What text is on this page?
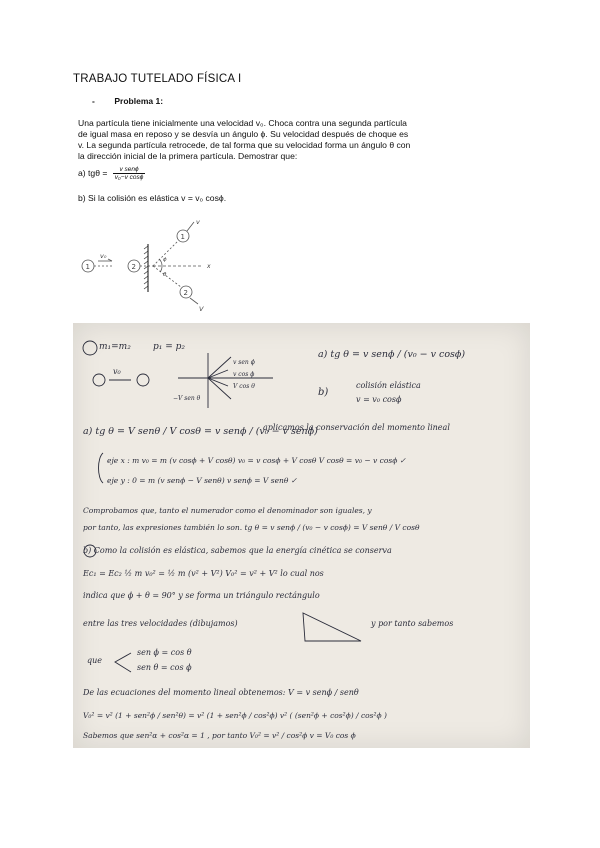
TRABAJO TUTELADO FÍSICA I
- Problema 1:

Una partícula tiene inicialmente una velocidad v₀. Choca contra una segunda partícula

de igual masa en reposo y se desvía un ángulo ϕ. Su velocidad después de choque es

v. La segunda partícula retrocede, de tal forma que su velocidad forma un ángulo θ con

la dirección inicial de la primera partícula. Demostrar que:

a) $tg\theta = \frac{\text{v senϕ}}{\text{v₀−v cosϕ}}$
b) Si la colisión es elástica v = v₀ cosϕ.
1	2
1
2
v₀
v
V
ϕ
θ
x
m₁=m₂ p₁ = p₂
v₀
v sen ϕ
v cos ϕ
V cos θ
−V sen θ
a) tg θ = v senϕ / (v₀ − v cosϕ)
b)
colisión elástica
v = v₀ cosϕ
a) tg θ = V senθ / V cosθ = v senϕ / (v₀ − v senϕ)
aplicamos la conservación del momento lineal
eje x : m v₀ = m (v cosϕ + V cosθ) v₀ = v cosϕ + V cosθ V cosθ = v₀ − v cosϕ ✓
eje y : 0 = m (v senϕ − V senθ) v senϕ = V senθ ✓
Comprobamos que, tanto el numerador como el denominador son iguales, y
por tanto, las expresiones también lo son. tg θ = v senϕ / (v₀ − v cosϕ) = V senθ / V cosθ
b) Como la colisión es elástica, sabemos que la energía cinética se conserva
Ec₁ = Ec₂ ½ m v₀² = ½ m (v² + V²) V₀² = v² + V² lo cual nos
indica que ϕ + θ = 90° y se forma un triángulo rectángulo
entre las tres velocidades (dibujamos)	y por tanto sabemos
que
sen ϕ = cos θ
sen θ = cos ϕ
De las ecuaciones del momento lineal obtenemos: V = v senϕ / senθ
V₀² = v² (1 + sen²ϕ / sen²θ) = v² (1 + sen²ϕ / cos²ϕ) v² ( (sen²ϕ + cos²ϕ) / cos²ϕ )
Sabemos que sen²α + cos²α = 1 , por tanto V₀² = v² / cos²ϕ v = V₀ cos ϕ
